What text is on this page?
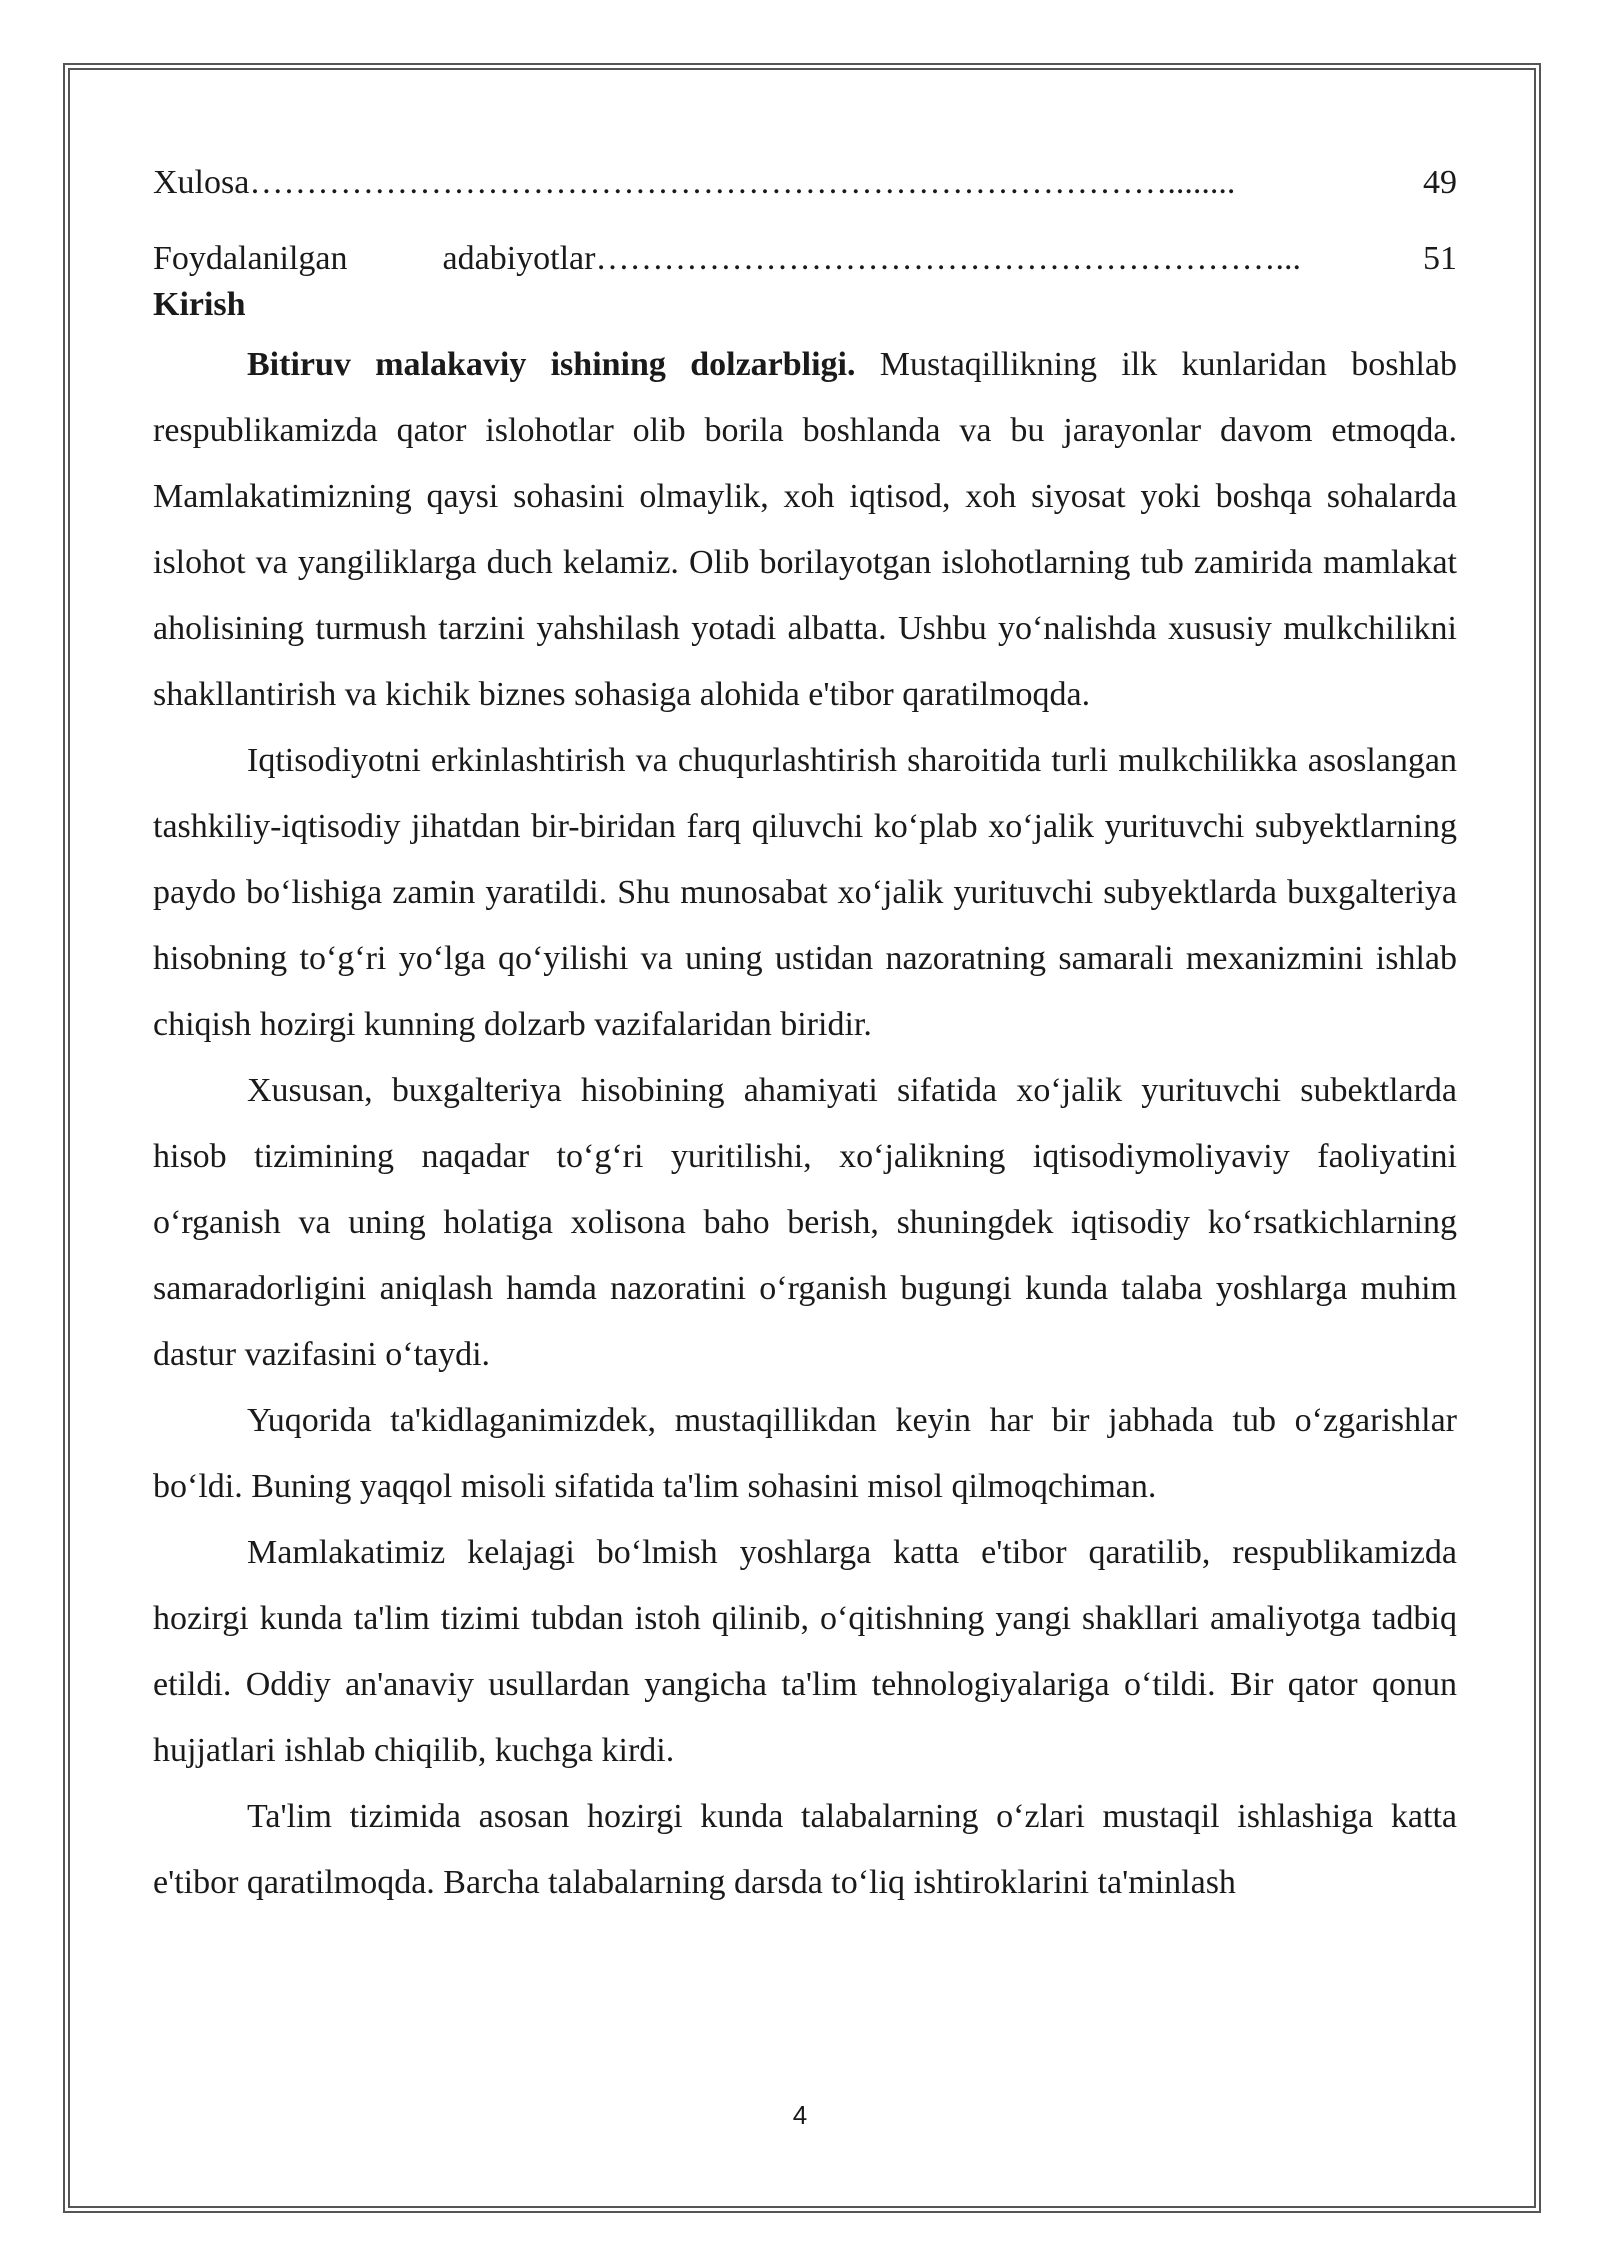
Xulosa ………………………………………………………………………........	49
Foydalanilgan	adabiyotlar ……………………………………………………...	51
Kirish

Bitiruv malakaviy ishining dolzarbligi. Mustaqillikning ilk kunlaridan boshlab respublikamizda qator islohotlar olib borila boshlanda va bu jarayonlar davom etmoqda. Mamlakatimizning qaysi sohasini olmaylik, xoh iqtisod, xoh siyosat yoki boshqa sohalarda islohot va yangiliklarga duch kelamiz. Olib borilayotgan islohotlarning tub zamirida mamlakat aholisining turmush tarzini yahshilash yotadi albatta. Ushbu yo‘nalishda xususiy mulkchilikni shakllantirish va kichik biznes sohasiga alohida e'tibor qaratilmoqda.

Iqtisodiyotni erkinlashtirish va chuqurlashtirish sharoitida turli mulkchilikka asoslangan tashkiliy-iqtisodiy jihatdan bir-biridan farq qiluvchi ko‘plab xo‘jalik yurituvchi subyektlarning paydo bo‘lishiga zamin yaratildi. Shu munosabat xo‘jalik yurituvchi subyektlarda buxgalteriya hisobning to‘g‘ri yo‘lga qo‘yilishi va uning ustidan nazoratning samarali mexanizmini ishlab chiqish hozirgi kunning dolzarb vazifalaridan biridir.

Xususan, buxgalteriya hisobining ahamiyati sifatida xo‘jalik yurituvchi subektlarda hisob tizimining naqadar to‘g‘ri yuritilishi, xo‘jalikning iqtisodiymoliyaviy faoliyatini o‘rganish va uning holatiga xolisona baho berish, shuningdek iqtisodiy ko‘rsatkichlarning samaradorligini aniqlash hamda nazoratini o‘rganish bugungi kunda talaba yoshlarga muhim dastur vazifasini o‘taydi.

Yuqorida ta'kidlaganimizdek, mustaqillikdan keyin har bir jabhada tub o‘zgarishlar bo‘ldi. Buning yaqqol misoli sifatida ta'lim sohasini misol qilmoqchiman.

Mamlakatimiz kelajagi bo‘lmish yoshlarga katta e'tibor qaratilib, respublikamizda hozirgi kunda ta'lim tizimi tubdan istoh qilinib, o‘qitishning yangi shakllari amaliyotga tadbiq etildi. Oddiy an'anaviy usullardan yangicha ta'lim tehnologiyalariga o‘tildi. Bir qator qonun hujjatlari ishlab chiqilib, kuchga kirdi.

Ta'lim tizimida asosan hozirgi kunda talabalarning o‘zlari mustaqil ishlashiga katta e'tibor qaratilmoqda. Barcha talabalarning darsda to‘liq ishtiroklarini ta'minlash

4
